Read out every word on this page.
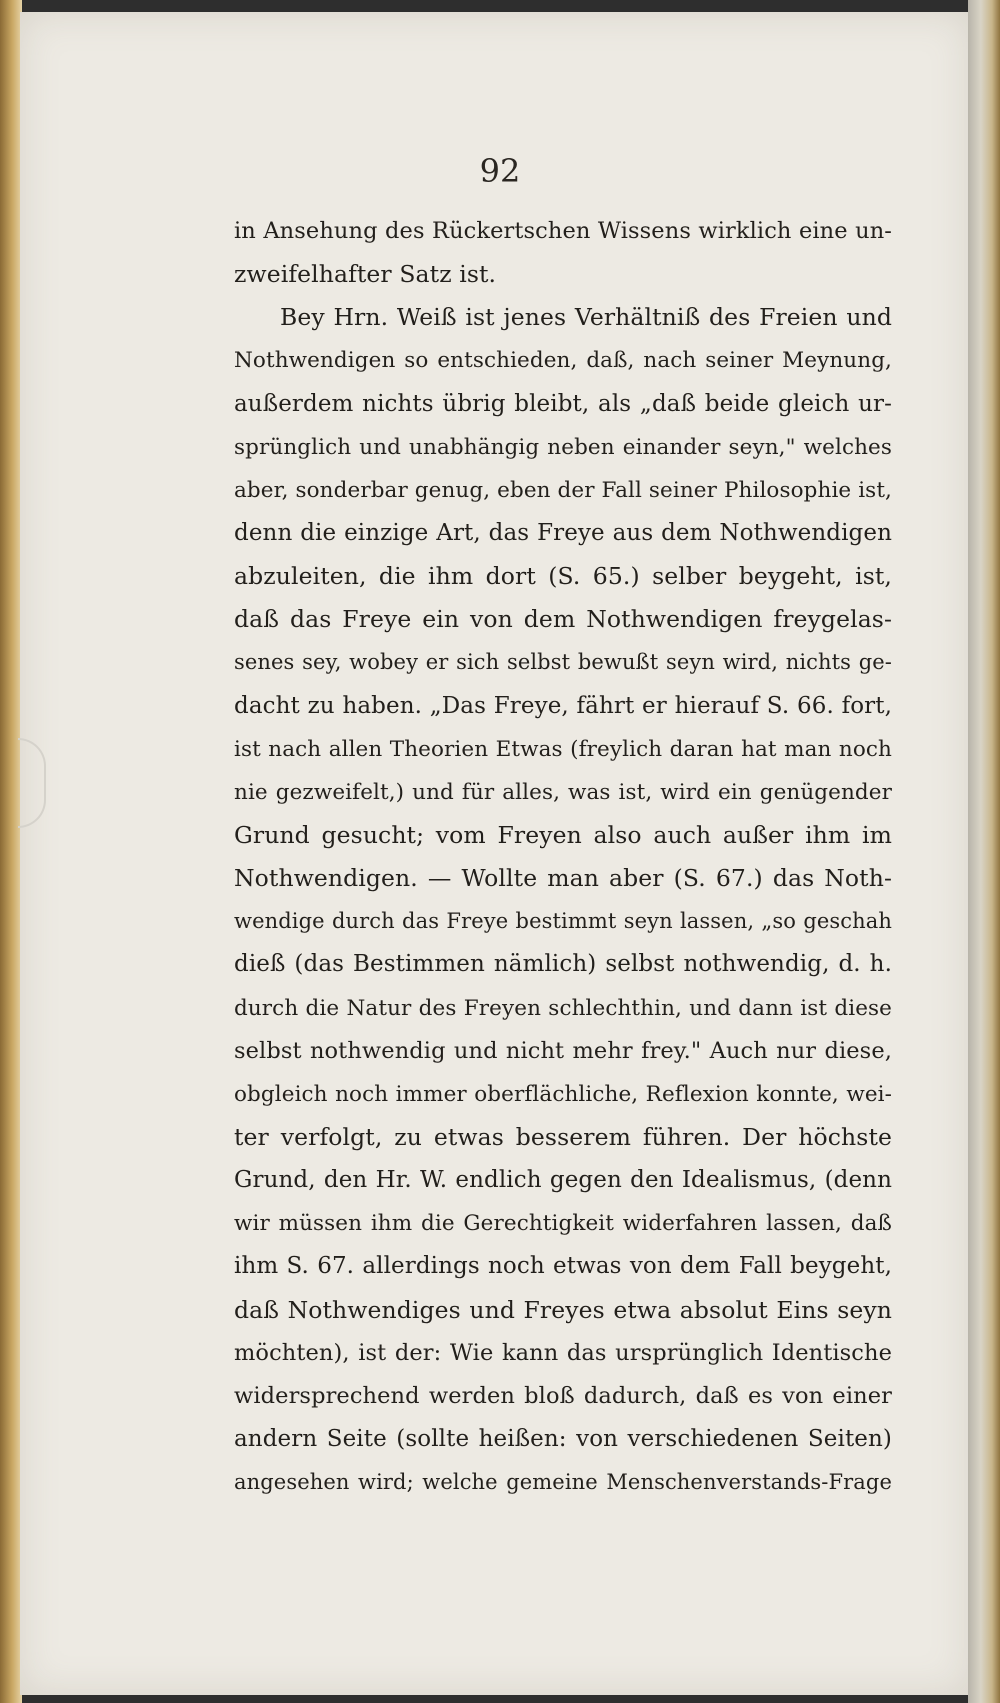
92
in Ansehung des Rückertschen Wissens wirklich eine un-
zweifelhafter Satz ist.
Bey Hrn. Weiß ist jenes Verhältniß des Freien und
Nothwendigen so entschieden, daß, nach seiner Meynung,
außerdem nichts übrig bleibt, als „daß beide gleich ur-
sprünglich und unabhängig neben einander seyn," welches
aber, sonderbar genug, eben der Fall seiner Philosophie ist,
denn die einzige Art, das Freye aus dem Nothwendigen
abzuleiten, die ihm dort (S. 65.) selber beygeht, ist,
daß das Freye ein von dem Nothwendigen freygelas-
senes sey, wobey er sich selbst bewußt seyn wird, nichts ge-
dacht zu haben. „Das Freye, fährt er hierauf S. 66. fort,
ist nach allen Theorien Etwas (freylich daran hat man noch
nie gezweifelt,) und für alles, was ist, wird ein genügender
Grund gesucht; vom Freyen also auch außer ihm im
Nothwendigen. — Wollte man aber (S. 67.) das Noth-
wendige durch das Freye bestimmt seyn lassen, „so geschah
dieß (das Bestimmen nämlich) selbst nothwendig, d. h.
durch die Natur des Freyen schlechthin, und dann ist diese
selbst nothwendig und nicht mehr frey." Auch nur diese,
obgleich noch immer oberflächliche, Reflexion konnte, wei-
ter verfolgt, zu etwas besserem führen. Der höchste
Grund, den Hr. W. endlich gegen den Idealismus, (denn
wir müssen ihm die Gerechtigkeit widerfahren lassen, daß
ihm S. 67. allerdings noch etwas von dem Fall beygeht,
daß Nothwendiges und Freyes etwa absolut Eins seyn
möchten), ist der: Wie kann das ursprünglich Identische
widersprechend werden bloß dadurch, daß es von einer
andern Seite (sollte heißen: von verschiedenen Seiten)
angesehen wird; welche gemeine Menschenverstands-Frage
